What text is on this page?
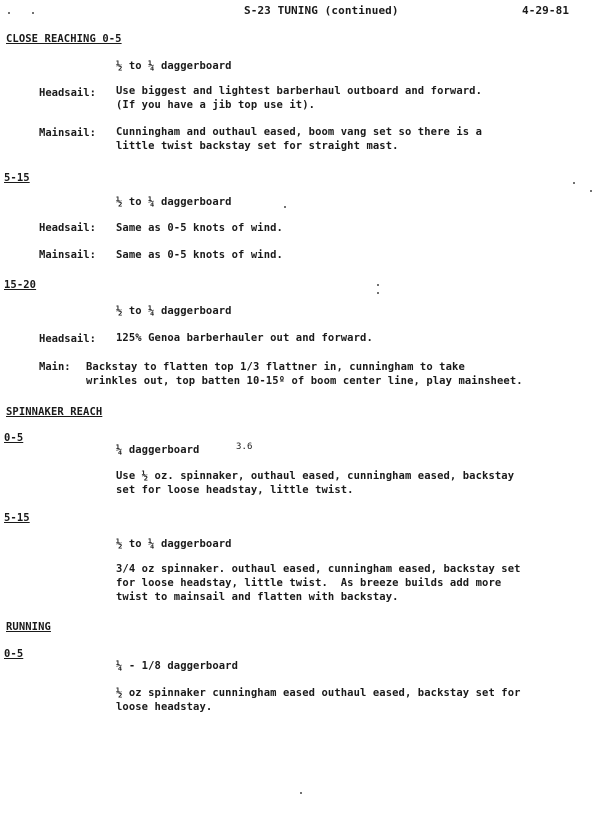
S-23 TUNING (continued)	4-29-81
CLOSE REACHING 0-5
½ to ¼ daggerboard
Headsail: Use biggest and lightest barberhaul outboard and forward.
(If you have a jib top use it).
Mainsail: Cunningham and outhaul eased, boom vang set so there is a
little twist backstay set for straight mast.
5-15
½ to ¼ daggerboard
Headsail: Same as 0-5 knots of wind.
Mainsail: Same as 0-5 knots of wind.
15-20
½ to ¼ daggerboard
Headsail: 125% Genoa barberhauler out and forward.
Main: Backstay to flatten top 1/3 flattner in, cunningham to take
wrinkles out, top batten 10-15º of boom center line, play mainsheet.
SPINNAKER REACH
0-5
¼ daggerboard	3.6
Use ½ oz. spinnaker, outhaul eased, cunningham eased, backstay
set for loose headstay, little twist.
5-15
½ to ¼ daggerboard
3/4 oz spinnaker. outhaul eased, cunningham eased, backstay set
for loose headstay, little twist.  As breeze builds add more
twist to mainsail and flatten with backstay.
RUNNING
0-5
¼ - 1/8 daggerboard
½ oz spinnaker cunningham eased outhaul eased, backstay set for
loose headstay.
